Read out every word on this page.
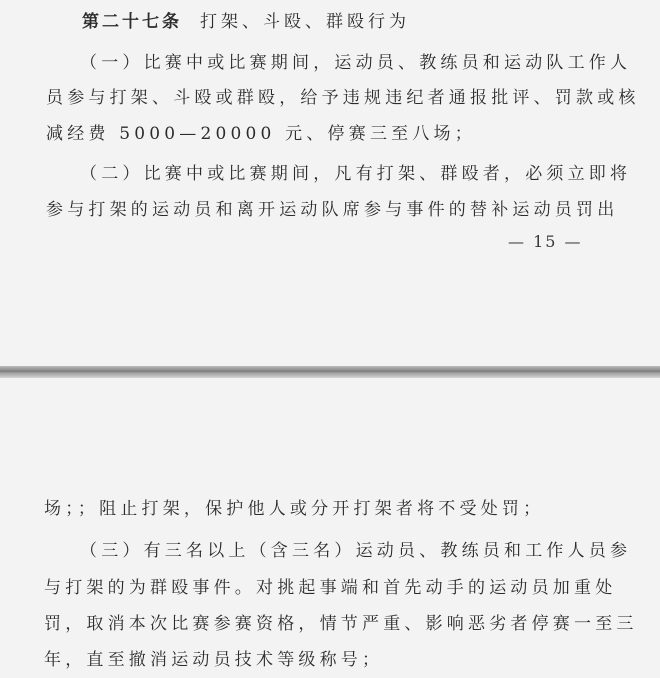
第二十七条 打架、斗殴、群殴行为
（一）比赛中或比赛期间，运动员、教练员和运动队工作人
员参与打架、斗殴或群殴，给予违规违纪者通报批评、罚款或核
减经费 5000—20000 元、停赛三至八场；
（二）比赛中或比赛期间，凡有打架、群殴者，必须立即将
参与打架的运动员和离开运动队席参与事件的替补运动员罚出
— 15 —
场；；阻止打架，保护他人或分开打架者将不受处罚；
（三）有三名以上（含三名）运动员、教练员和工作人员参
与打架的为群殴事件。对挑起事端和首先动手的运动员加重处
罚，取消本次比赛参赛资格，情节严重、影响恶劣者停赛一至三
年，直至撤消运动员技术等级称号；
